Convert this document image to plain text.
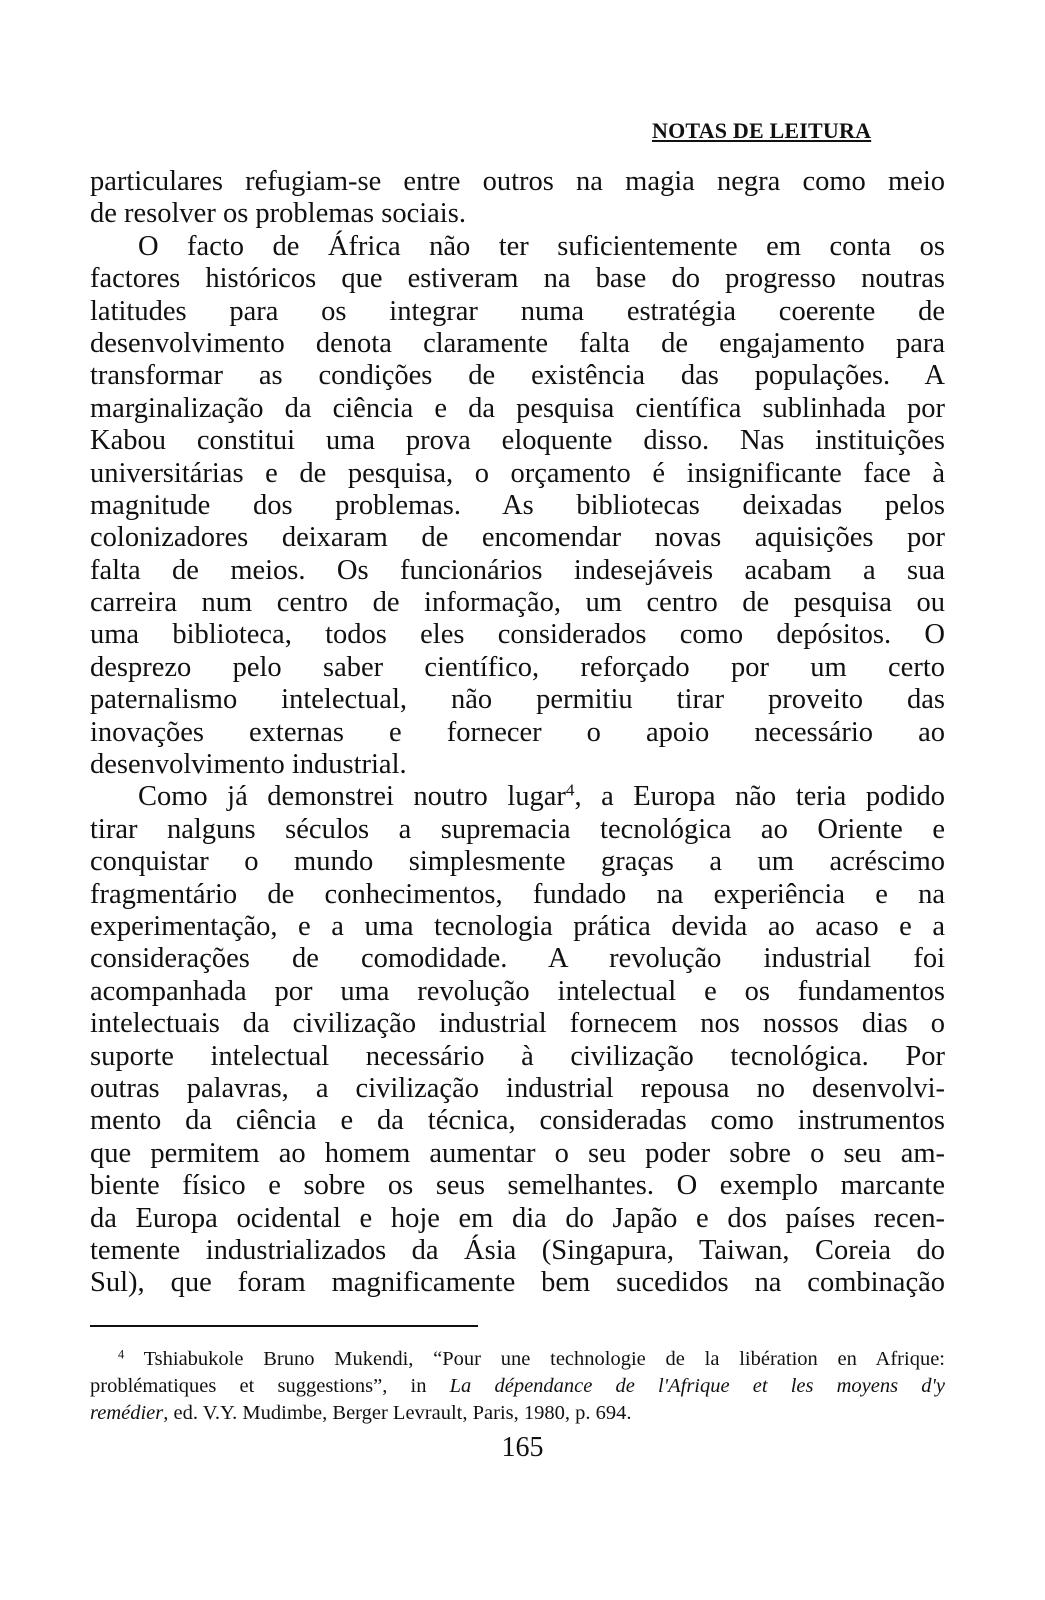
NOTAS DE LEITURA
particulares refugiam-se entre outros na magia negra como meio
de resolver os problemas sociais.
O facto de África não ter suficientemente em conta os
factores históricos que estiveram na base do progresso noutras
latitudes para os integrar numa estratégia coerente de
desenvolvimento denota claramente falta de engajamento para
transformar as condições de existência das populações. A
marginalização da ciência e da pesquisa científica sublinhada por
Kabou constitui uma prova eloquente disso. Nas instituições
universitárias e de pesquisa, o orçamento é insignificante face à
magnitude dos problemas. As bibliotecas deixadas pelos
colonizadores deixaram de encomendar novas aquisições por
falta de meios. Os funcionários indesejáveis acabam a sua
carreira num centro de informação, um centro de pesquisa ou
uma biblioteca, todos eles considerados como depósitos. O
desprezo pelo saber científico, reforçado por um certo
paternalismo intelectual, não permitiu tirar proveito das
inovações externas e fornecer o apoio necessário ao
desenvolvimento industrial.
Como já demonstrei noutro lugar$^4$, a Europa não teria podido
tirar nalguns séculos a supremacia tecnológica ao Oriente e
conquistar o mundo simplesmente graças a um acréscimo
fragmentário de conhecimentos, fundado na experiência e na
experimentação, e a uma tecnologia prática devida ao acaso e a
considerações de comodidade. A revolução industrial foi
acompanhada por uma revolução intelectual e os fundamentos
intelectuais da civilização industrial fornecem nos nossos dias o
suporte intelectual necessário à civilização tecnológica. Por
outras palavras, a civilização industrial repousa no desenvolvi-
mento da ciência e da técnica, consideradas como instrumentos
que permitem ao homem aumentar o seu poder sobre o seu am-
biente físico e sobre os seus semelhantes. O exemplo marcante
da Europa ocidental e hoje em dia do Japão e dos países recen-
temente industrializados da Ásia (Singapura, Taiwan, Coreia do
Sul), que foram magnificamente bem sucedidos na combinação
$^4$ Tshiabukole Bruno Mukendi, “Pour une technologie de la libération en Afrique:
problématiques et suggestions”, in La dépendance de l'Afrique et les moyens d'y
remédier, ed. V.Y. Mudimbe, Berger Levrault, Paris, 1980, p. 694.
165
